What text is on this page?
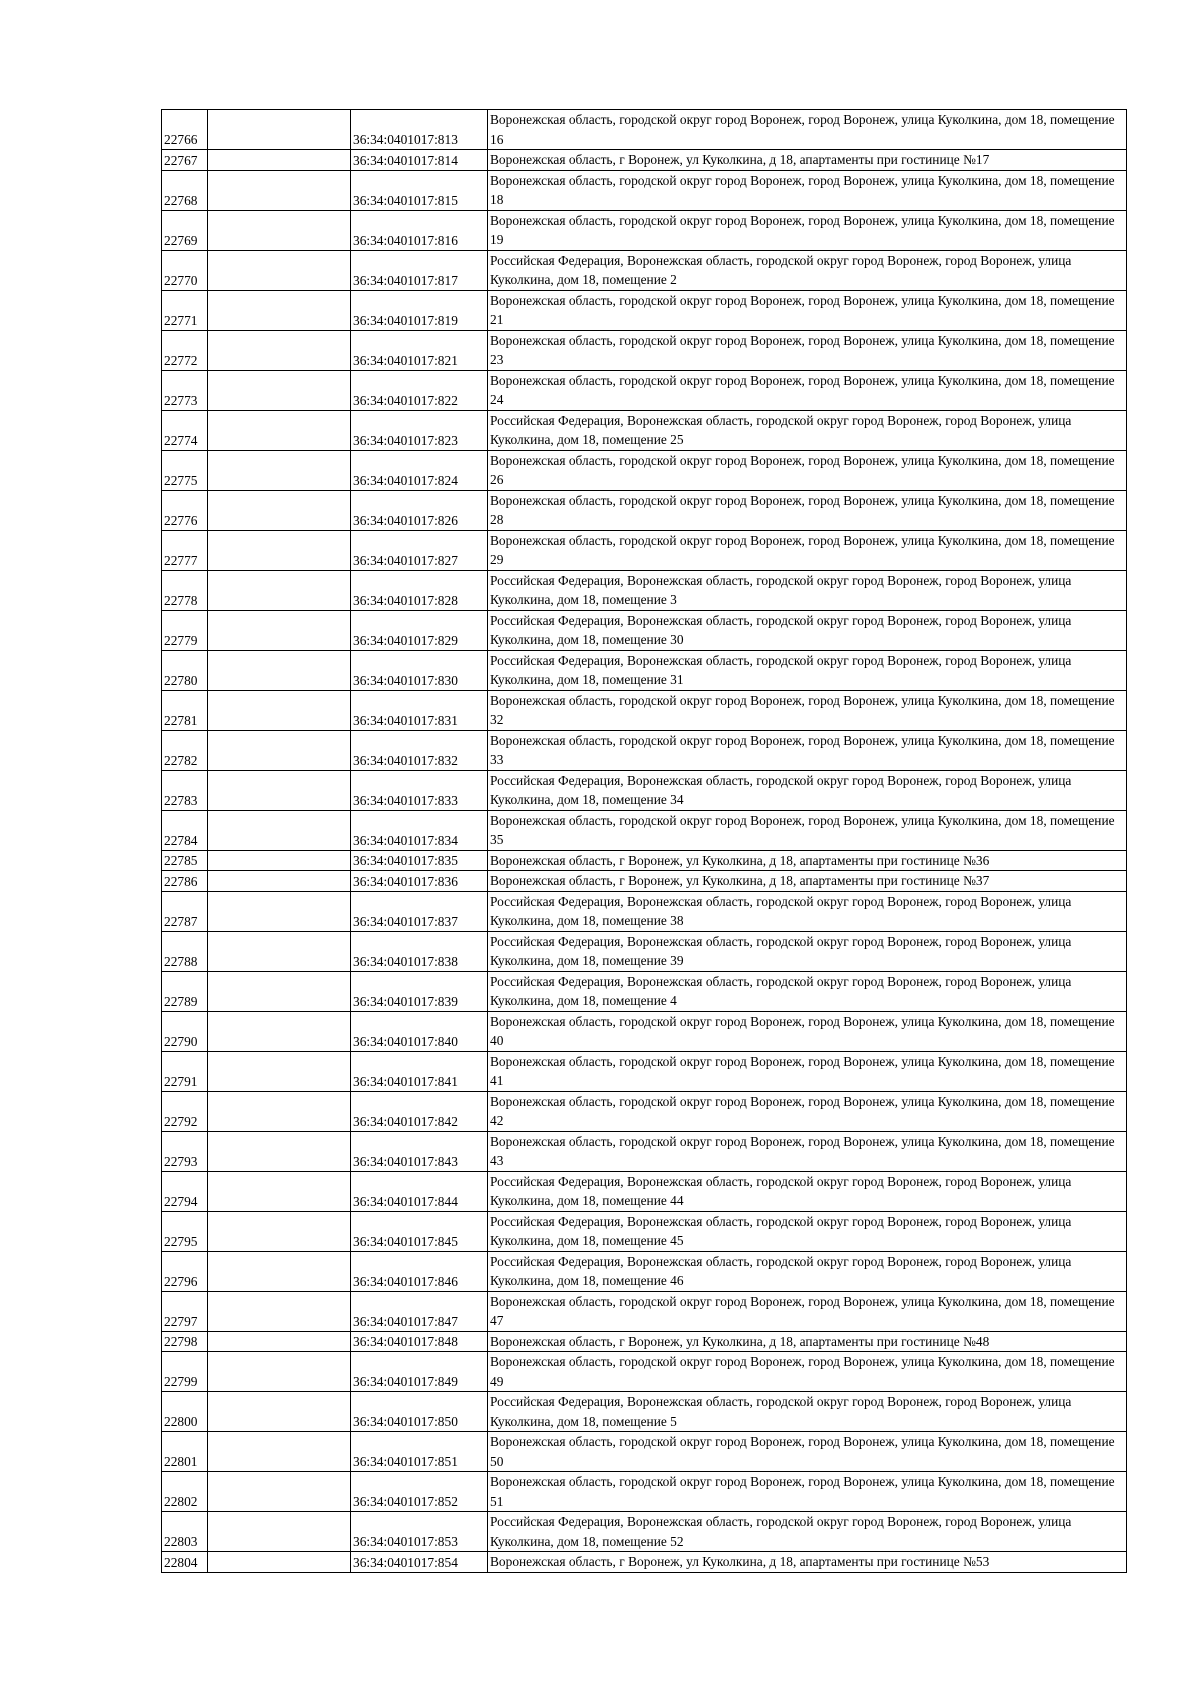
22766		36:34:0401017:813	Воронежская область, городской округ город Воронеж, город Воронеж, улица Куколкина, дом 18, помещение 16
22767		36:34:0401017:814	Воронежская область, г Воронеж, ул Куколкина, д 18, апартаменты при гостинице №17
22768		36:34:0401017:815	Воронежская область, городской округ город Воронеж, город Воронеж, улица Куколкина, дом 18, помещение 18
22769		36:34:0401017:816	Воронежская область, городской округ город Воронеж, город Воронеж, улица Куколкина, дом 18, помещение 19
22770		36:34:0401017:817	Российская Федерация, Воронежская область, городской округ город Воронеж, город Воронеж, улица Куколкина, дом 18, помещение 2
22771		36:34:0401017:819	Воронежская область, городской округ город Воронеж, город Воронеж, улица Куколкина, дом 18, помещение 21
22772		36:34:0401017:821	Воронежская область, городской округ город Воронеж, город Воронеж, улица Куколкина, дом 18, помещение 23
22773		36:34:0401017:822	Воронежская область, городской округ город Воронеж, город Воронеж, улица Куколкина, дом 18, помещение 24
22774		36:34:0401017:823	Российская Федерация, Воронежская область, городской округ город Воронеж, город Воронеж, улица Куколкина, дом 18, помещение 25
22775		36:34:0401017:824	Воронежская область, городской округ город Воронеж, город Воронеж, улица Куколкина, дом 18, помещение 26
22776		36:34:0401017:826	Воронежская область, городской округ город Воронеж, город Воронеж, улица Куколкина, дом 18, помещение 28
22777		36:34:0401017:827	Воронежская область, городской округ город Воронеж, город Воронеж, улица Куколкина, дом 18, помещение 29
22778		36:34:0401017:828	Российская Федерация, Воронежская область, городской округ город Воронеж, город Воронеж, улица Куколкина, дом 18, помещение 3
22779		36:34:0401017:829	Российская Федерация, Воронежская область, городской округ город Воронеж, город Воронеж, улица Куколкина, дом 18, помещение 30
22780		36:34:0401017:830	Российская Федерация, Воронежская область, городской округ город Воронеж, город Воронеж, улица Куколкина, дом 18, помещение 31
22781		36:34:0401017:831	Воронежская область, городской округ город Воронеж, город Воронеж, улица Куколкина, дом 18, помещение 32
22782		36:34:0401017:832	Воронежская область, городской округ город Воронеж, город Воронеж, улица Куколкина, дом 18, помещение 33
22783		36:34:0401017:833	Российская Федерация, Воронежская область, городской округ город Воронеж, город Воронеж, улица Куколкина, дом 18, помещение 34
22784		36:34:0401017:834	Воронежская область, городской округ город Воронеж, город Воронеж, улица Куколкина, дом 18, помещение 35
22785		36:34:0401017:835	Воронежская область, г Воронеж, ул Куколкина, д 18, апартаменты при гостинице №36
22786		36:34:0401017:836	Воронежская область, г Воронеж, ул Куколкина, д 18, апартаменты при гостинице №37
22787		36:34:0401017:837	Российская Федерация, Воронежская область, городской округ город Воронеж, город Воронеж, улица Куколкина, дом 18, помещение 38
22788		36:34:0401017:838	Российская Федерация, Воронежская область, городской округ город Воронеж, город Воронеж, улица Куколкина, дом 18, помещение 39
22789		36:34:0401017:839	Российская Федерация, Воронежская область, городской округ город Воронеж, город Воронеж, улица Куколкина, дом 18, помещение 4
22790		36:34:0401017:840	Воронежская область, городской округ город Воронеж, город Воронеж, улица Куколкина, дом 18, помещение 40
22791		36:34:0401017:841	Воронежская область, городской округ город Воронеж, город Воронеж, улица Куколкина, дом 18, помещение 41
22792		36:34:0401017:842	Воронежская область, городской округ город Воронеж, город Воронеж, улица Куколкина, дом 18, помещение 42
22793		36:34:0401017:843	Воронежская область, городской округ город Воронеж, город Воронеж, улица Куколкина, дом 18, помещение 43
22794		36:34:0401017:844	Российская Федерация, Воронежская область, городской округ город Воронеж, город Воронеж, улица Куколкина, дом 18, помещение 44
22795		36:34:0401017:845	Российская Федерация, Воронежская область, городской округ город Воронеж, город Воронеж, улица Куколкина, дом 18, помещение 45
22796		36:34:0401017:846	Российская Федерация, Воронежская область, городской округ город Воронеж, город Воронеж, улица Куколкина, дом 18, помещение 46
22797		36:34:0401017:847	Воронежская область, городской округ город Воронеж, город Воронеж, улица Куколкина, дом 18, помещение 47
22798		36:34:0401017:848	Воронежская область, г Воронеж, ул Куколкина, д 18, апартаменты при гостинице №48
22799		36:34:0401017:849	Воронежская область, городской округ город Воронеж, город Воронеж, улица Куколкина, дом 18, помещение 49
22800		36:34:0401017:850	Российская Федерация, Воронежская область, городской округ город Воронеж, город Воронеж, улица Куколкина, дом 18, помещение 5
22801		36:34:0401017:851	Воронежская область, городской округ город Воронеж, город Воронеж, улица Куколкина, дом 18, помещение 50
22802		36:34:0401017:852	Воронежская область, городской округ город Воронеж, город Воронеж, улица Куколкина, дом 18, помещение 51
22803		36:34:0401017:853	Российская Федерация, Воронежская область, городской округ город Воронеж, город Воронеж, улица Куколкина, дом 18, помещение 52
22804		36:34:0401017:854	Воронежская область, г Воронеж, ул Куколкина, д 18, апартаменты при гостинице №53
